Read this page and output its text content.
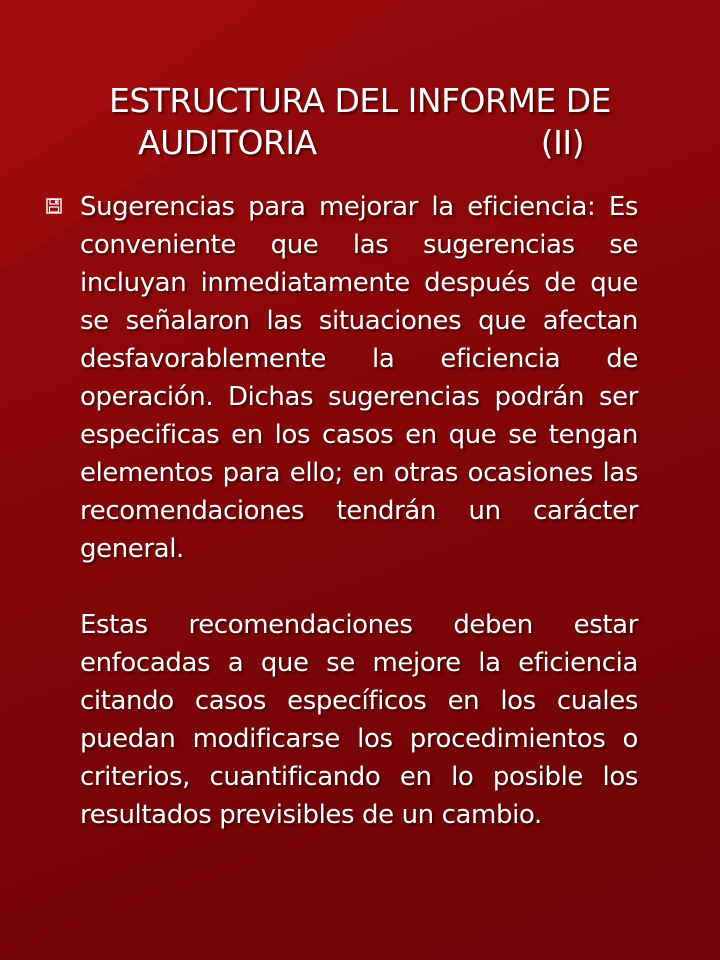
ESTRUCTURA DEL INFORME DE
AUDITORIA	(II)

Sugerencias para mejorar la eficiencia: Es conveniente que las sugerencias se incluyan inmediatamente después de que se señalaron las situaciones que afectan desfavorablemente la eficiencia de operación. Dichas sugerencias podrán ser especificas en los casos en que se tengan elementos para ello; en otras ocasiones las recomendaciones tendrán un carácter general.

Estas recomendaciones deben estar enfocadas a que se mejore la eficiencia citando casos específicos en los cuales puedan modificarse los procedimientos o criterios, cuantificando en lo posible los resultados previsibles de un cambio.
